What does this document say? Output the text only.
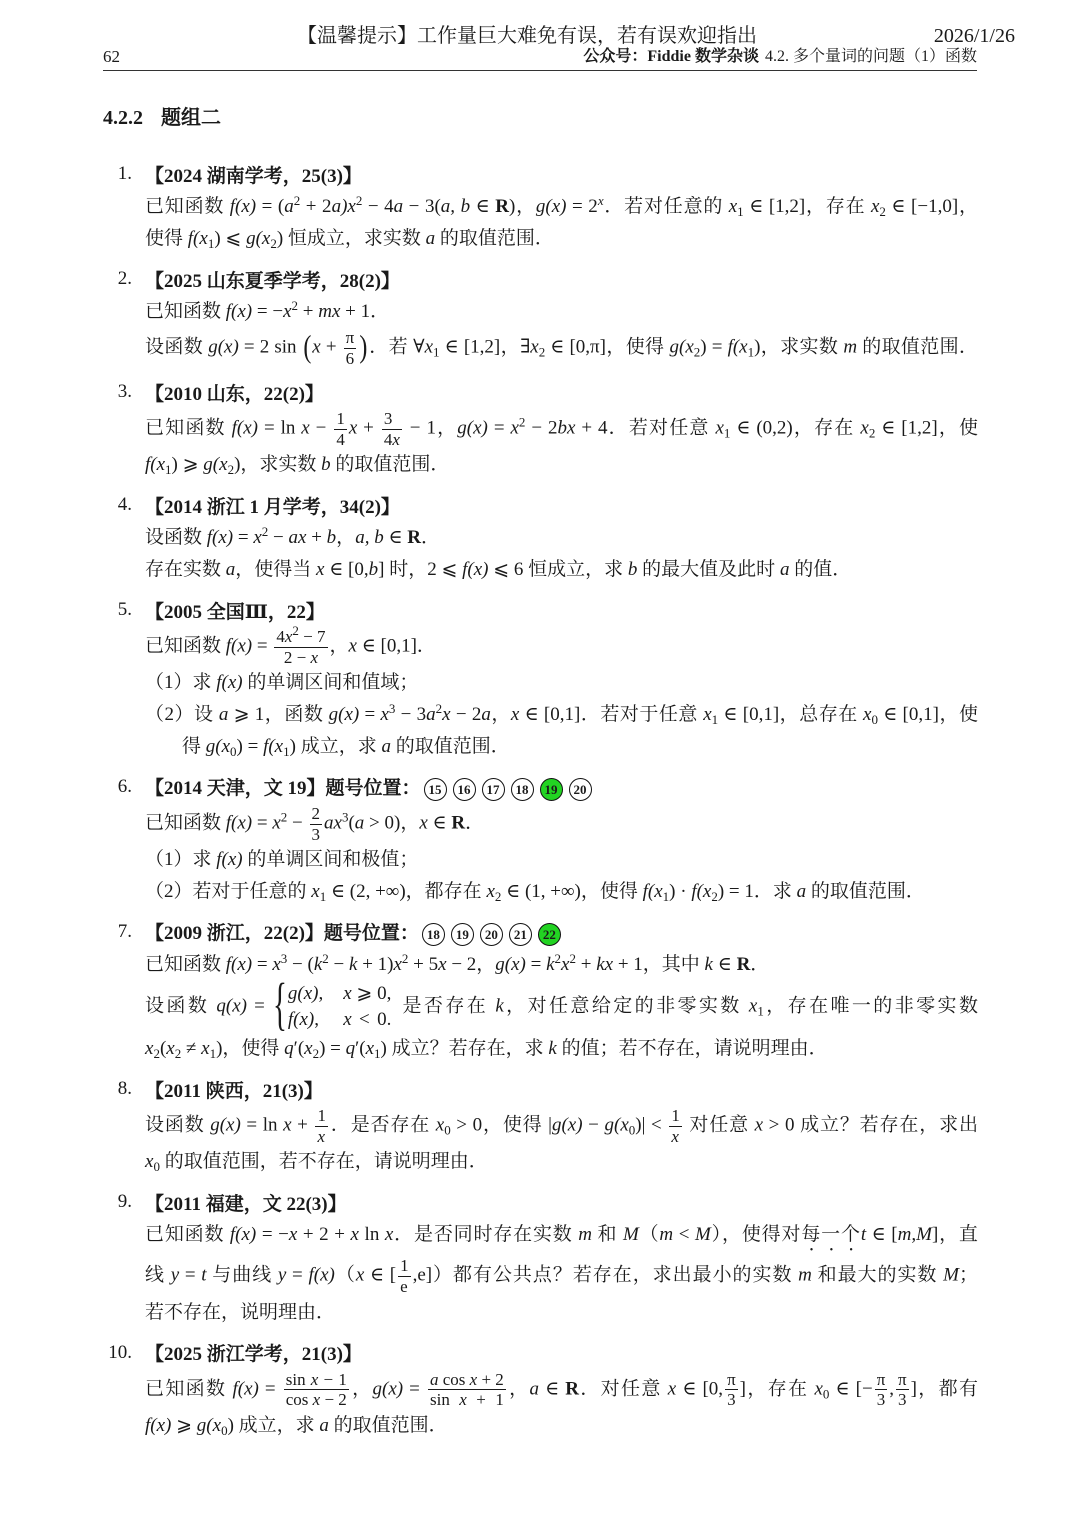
【温馨提示】工作量巨大难免有误，若有误欢迎指出	2026/1/26
62	公众号：Fiddie 数学杂谈 4.2. 多个量词的问题（1）函数
4.2.2 题组二
1. 【2024 湖南学考，25(3)】
已知函数 $f(x) = (a^2 + 2a)x^2 - 4a - 3(a$, b ∈ R)，$g(x) = 2^x$．若对任意的 $x_1$ ∈ [1,2]，存在 $x_2$ ∈ [−1,0]，
使得 $f(x_1)$ ⩽ $g(x_2)$ 恒成立，求实数 a 的取值范围．
2. 【2025 山东夏季学考，28(2)】
已知函数 $f(x) = -x^2$ + mx + 1．
设函数 g(x) = 2 $\sin (x + \frac{\pi}{6}$ )．若 $\forall x_1$ ∈ [1,2]，$\exists x_2$ ∈ [0,π]，使得 $g(x_2) = f(x_1)$，求实数 m 的取值范围．
3. 【2010 山东，22(2)】
已知函数 $f(x) = \ln x - \frac{1}{4}$ $x + \frac{3}{4x} - 1$，$g(x) = x^2 - 2bx + 4$．若对任意 $x_1$ ∈ (0,2)，存在 $x_2$ ∈ [1,2]，使
$f(x_1)$ ⩾ $g(x_2)$，求实数 b 的取值范围．
4. 【2014 浙江 1 月学考，34(2)】
设函数 $f(x) = x^2$ − ax + b，a, b ∈ R．
存在实数 a，使得当 x ∈ [0,b] 时，2 ⩽ f(x) ⩽ 6 恒成立，求 b 的最大值及此时 a 的值．
5. 【2005 全国Ⅲ，22】
已知函数 $f(x) = \frac{4x^2 - 7}{2 - x}$ ，x ∈ [0,1]．
（1）求 f(x) 的单调区间和值域；
（2）设 a ⩾ 1，函数 $g(x) = x^3 - 3a^2x - 2a$，x ∈ [0,1]．若对于任意 $x_1$ ∈ [0,1]，总存在 $x_0$ ∈ [0,1]，使
得 $g(x_0) = f(x_1)$ 成立，求 a 的取值范围．
6. 【2014 天津，文 19】题号位置： 15 16 17 18 19 20
已知函数 $f(x) = x^2 - \frac{2}{3} ax^3(a > 0)$，x ∈ R．
（1）求 f(x) 的单调区间和极值；
（2）若对于任意的 $x_1$ ∈ (2, +∞)，都存在 $x_2$ ∈ (1, +∞)，使得 $f(x_1) \cdot f(x_2) = 1$．求 a 的取值范围．
7. 【2009 浙江，22(2)】题号位置： 18 19 20 21 22
已知函数 $f(x) = x^3 - (k^2 - k + 1)x^2 + 5x - 2$，$g(x) = k^2x^2$ + kx + 1，其中 k ∈ R．
设函数 q(x) = { g(x),	x ⩾ 0,
f(x),	x < 0.
是否存在 k，对任意给定的非零实数 $x_1$，存在唯一的非零实数
$x_2(x_2 \ne x_1)$，使得 $q'(x_2) = q'(x_1)$ 成立？若存在，求 k 的值；若不存在，请说明理由．
8. 【2011 陕西，21(3)】
设函数 $g(x) = \ln x + \frac{1}{x}$ ．是否存在 $x_0 > 0$，使得 $|g(x) - g(x_0)| < \frac{1}{x}$ 对任意 x > 0 成立？若存在，求出
$x_0$ 的取值范围，若不存在，请说明理由．
9. 【2011 福建，文 22(3)】
已知函数 f(x) = −x + 2 + x ln x．是否同时存在实数 m 和 M（m < M），使得对每一个t ∈ [m,M]，直
线 y = t 与曲线 y = f(x)（x ∈ [ $\frac{1}{e} ,e$]）都有公共点？若存在，求出最小的实数 m 和最大的实数 M；
若不存在，说明理由．
10. 【2025 浙江学考，21(3)】
已知函数 $f(x) = \frac{\text{sin x − 1}}{\text{cos x − 2}}$ ，$g(x) = \frac{\text{a cos x + 2}}{\text{sin x + 1}}$ ，a ∈ R．对任意 x ∈ [0, $\frac{\pi}{3}$ ]，存在 $x_0$ ∈ [− $\frac{\pi}{3}$ , $\frac{\pi}{3}$ ]，都有
f(x) ⩾ $g(x_0)$ 成立，求 a 的取值范围．
